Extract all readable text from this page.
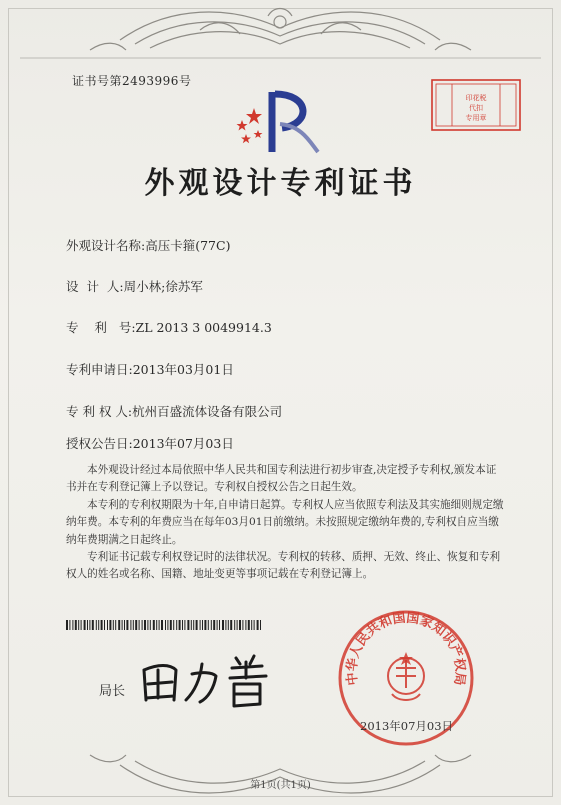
证书号第2493996号
印花税
代扣
专用章
外观设计专利证书
外观设计名称:高压卡箍(77C)
设  计  人:周小林;徐苏军
专    利   号:ZL 2013 3 0049914.3
专利申请日:2013年03月01日
专 利 权 人:杭州百盛流体设备有限公司
授权公告日:2013年07月03日

本外观设计经过本局依照中华人民共和国专利法进行初步审查,决定授予专利权,颁发本证书并在专利登记簿上予以登记。专利权自授权公告之日起生效。

本专利的专利权期限为十年,自申请日起算。专利权人应当依照专利法及其实施细则规定缴纳年费。本专利的年费应当在每年03月01日前缴纳。未按照规定缴纳年费的,专利权自应当缴纳年费期满之日起终止。

专利证书记载专利权登记时的法律状况。专利权的转移、质押、无效、终止、恢复和专利权人的姓名或名称、国籍、地址变更等事项记载在专利登记簿上。

局长
中华人民共和国国家知识产权局
2013年07月03日
第1页(共1页)
